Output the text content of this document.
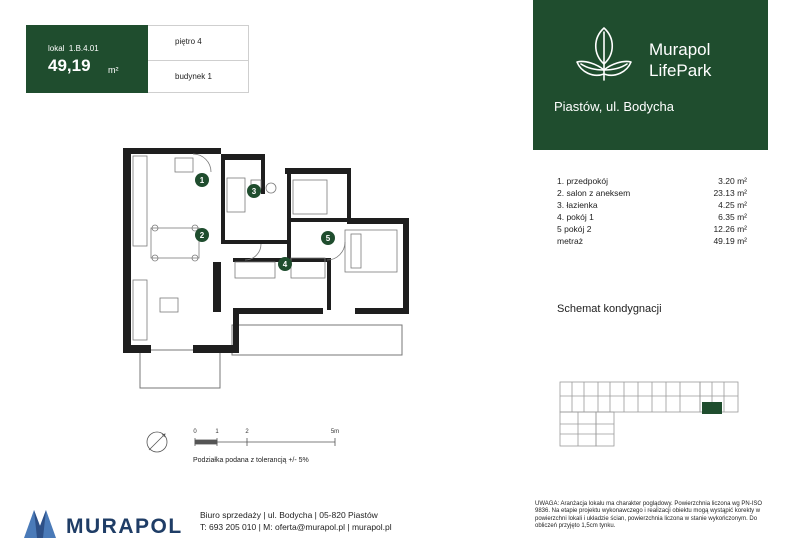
lokal 1.B.4.01
49,19 m²
piętro 4
budynek 1
Murapol
LifePark
Piastów, ul. Bodycha
1. przedpokój	3.20 m²
2. salon z aneksem	23.13 m²
3. łazienka	4.25 m²
4. pokój 1	6.35 m²
5 pokój 2	12.26 m²
metraż	49.19 m²
Schemat kondygnacji
1
2
3
4
5
0	1	2	5m
Podziałka podana z tolerancją +/- 5%
MURAPOL Biuro sprzedaży | ul. Bodycha | 05-820 Piastów
T: 693 205 010 | M: oferta@murapol.pl | murapol.pl
UWAGA: Aranżacja lokalu ma charakter poglądowy. Powierzchnia liczona wg PN-ISO 9836. Na etapie projektu wykonawczego i realizacji obiektu mogą wystąpić korekty w powierzchni lokali i układzie ścian, powierzchnia liczona w stanie wykończonym. Do obliczeń przyjęto 1,5cm tynku.
